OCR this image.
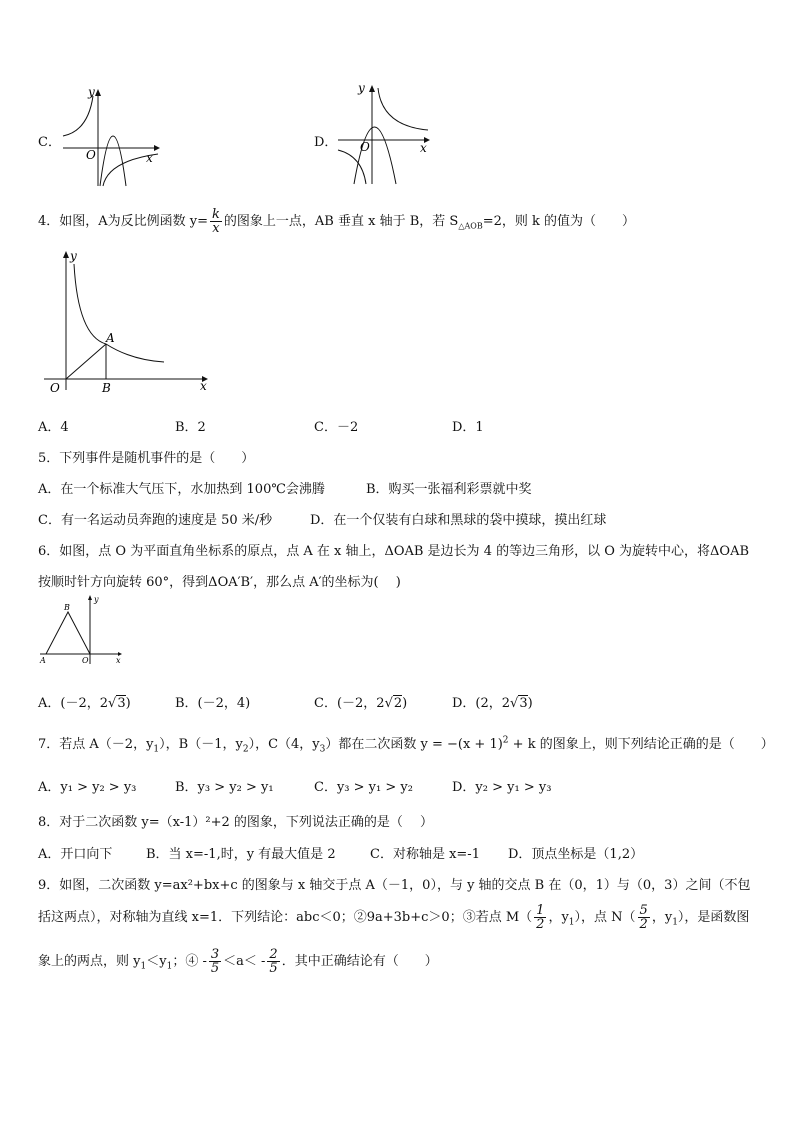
C．
y
x
O
D．
y
x
O
4．如图，A为反比例函数 $y= \frac{k}{x}$ 的图象上一点，AB 垂直 x 轴于 B，若 $S_{\triangle AOB}=2$，则 k 的值为（　　）
y
x
O
A
B
A．4	B．2	C．－2	D．1
5．下列事件是随机事件的是（　　）
A．在一个标准大气压下，水加热到 100℃会沸腾	B．购买一张福利彩票就中奖
C．有一名运动员奔跑的速度是 50 米/秒	D．在一个仅装有白球和黑球的袋中摸球，摸出红球
6．如图，点 O 为平面直角坐标系的原点，点 A 在 x 轴上，ΔOAB 是边长为 4 的等边三角形，以 O 为旋转中心，将ΔOAB
按顺时针方向旋转 60°，得到ΔOA′B′，那么点 A′的坐标为(　 )
B
y
A	O	x
A．(－2，2√3)	B．(－2，4)	C．(－2，2√2)	D．(2，2√3)
7．若点 A（－2，$y_1$），B（－1，$y_2$），C（4，$y_3$）都在二次函数 $y = -(x + 1)^2 + k$ 的图象上，则下列结论正确的是（　　）
A．y₁ > y₂ > y₃	B．y₃ > y₂ > y₁	C．y₃ > y₁ > y₂	D．y₂ > y₁ > y₃
8．对于二次函数 y=（x-1）²+2 的图象，下列说法正确的是（　 ）
A．开口向下	B．当 x=-1,时，y 有最大值是 2	C．对称轴是 x=-1 D．顶点坐标是（1,2）
9．如图，二次函数 y=ax²+bx+c 的图象与 x 轴交于点 A（－1，0），与 y 轴的交点 B 在（0，1）与（0，3）之间（不包
括这两点），对称轴为直线 x=1．下列结论：abc＜0；②9a+3b+c＞0；③若点 $M( \frac{1}{2}$ ，$y_1$），点 $N( \frac{5}{2}$ ，$y_1$），是函数图
象上的两点，则 $y_1<y_1$；④ - $\frac{3}{5} <a< - \frac{2}{5}$ ．其中正确结论有（　　）
